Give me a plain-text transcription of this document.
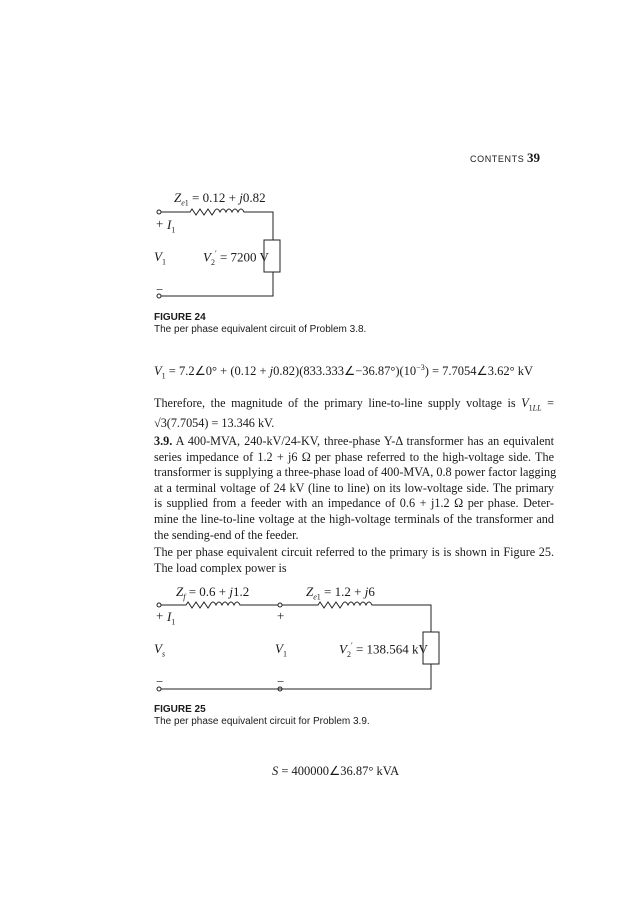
CONTENTS 39
$Z_{e1} = 0.12 + j0.82$
+ $I_1$
$V_1$	$V_2' = 7200$ V
−
FIGURE 24
The per phase equivalent circuit of Problem 3.8.
$V_1$ = 7.2∠0° + $(0.12 + j0.82)(833.333\angle-36.87^\circ)(10^{-3})$ = 7.7054∠3.62° kV
Therefore, the magnitude of the primary line-to-line supply voltage is $V_{1LL}$ =
√3(7.7054) = 13.346 kV.
3.9. A 400-MVA, 240-kV/24-KV, three-phase Y-Δ transformer has an equivalent
series impedance of 1.2 + j6 Ω per phase referred to the high-voltage side. The
transformer is supplying a three-phase load of 400-MVA, 0.8 power factor lagging
at a terminal voltage of 24 kV (line to line) on its low-voltage side. The primary
is supplied from a feeder with an impedance of 0.6 + j1.2 Ω per phase. Deter-
mine the line-to-line voltage at the high-voltage terminals of the transformer and
the sending-end of the feeder.
The per phase equivalent circuit referred to the primary is is shown in Figure 25.
The load complex power is
$Z_f = 0.6 + j1.2$	$Z_{e1} = 1.2 + j6$
+ $I_1$	+
$V_s$	$V_1$	$V_2' = 138.564$ kV
−	−
FIGURE 25
The per phase equivalent circuit for Problem 3.9.
S = 400000∠36.87° kVA
